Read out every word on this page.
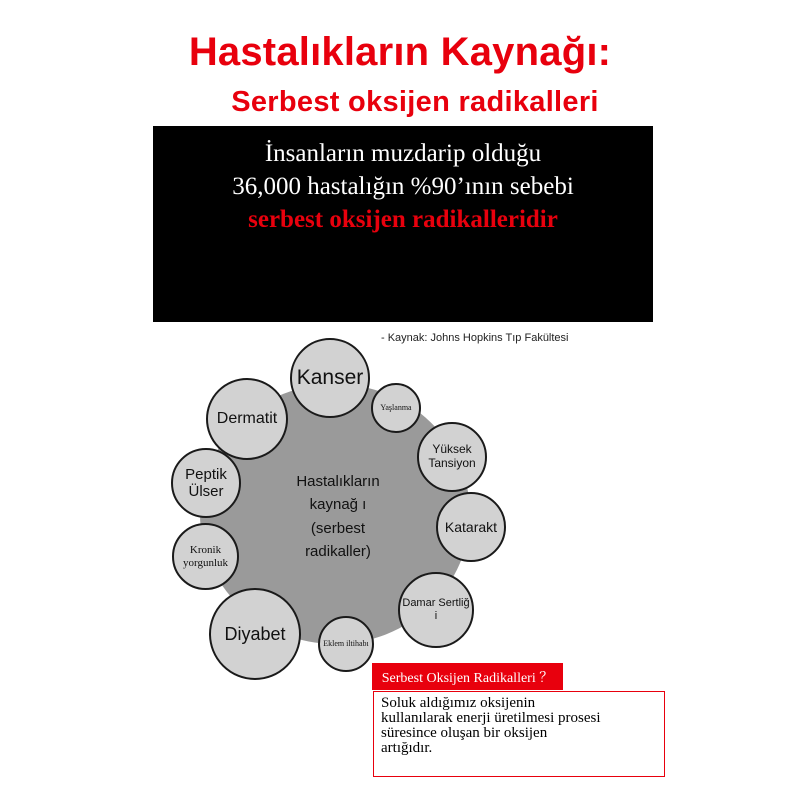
Hastalıkların Kaynağı:
Serbest oksijen radikalleri
İnsanların muzdarip olduğu
36,000 hastalığın %90’ının sebebi
serbest oksijen radikalleridir
- Kaynak: Johns Hopkins Tıp Fakültesi
Hastalıkların
kaynağ ı
(serbest
radikaller)
Kanser
Yaşlanma
Yüksek
Tansiyon
Katarakt
Damar Sertliğ i
Eklem iltihabı
Diyabet
Kronik
yorgunluk
Peptik
Ülser
Dermatit
Serbest Oksijen Radikalleri ？
Soluk aldığımız oksijenin
kullanılarak enerji üretilmesi prosesi
süresince oluşan bir oksijen
artığıdır.
